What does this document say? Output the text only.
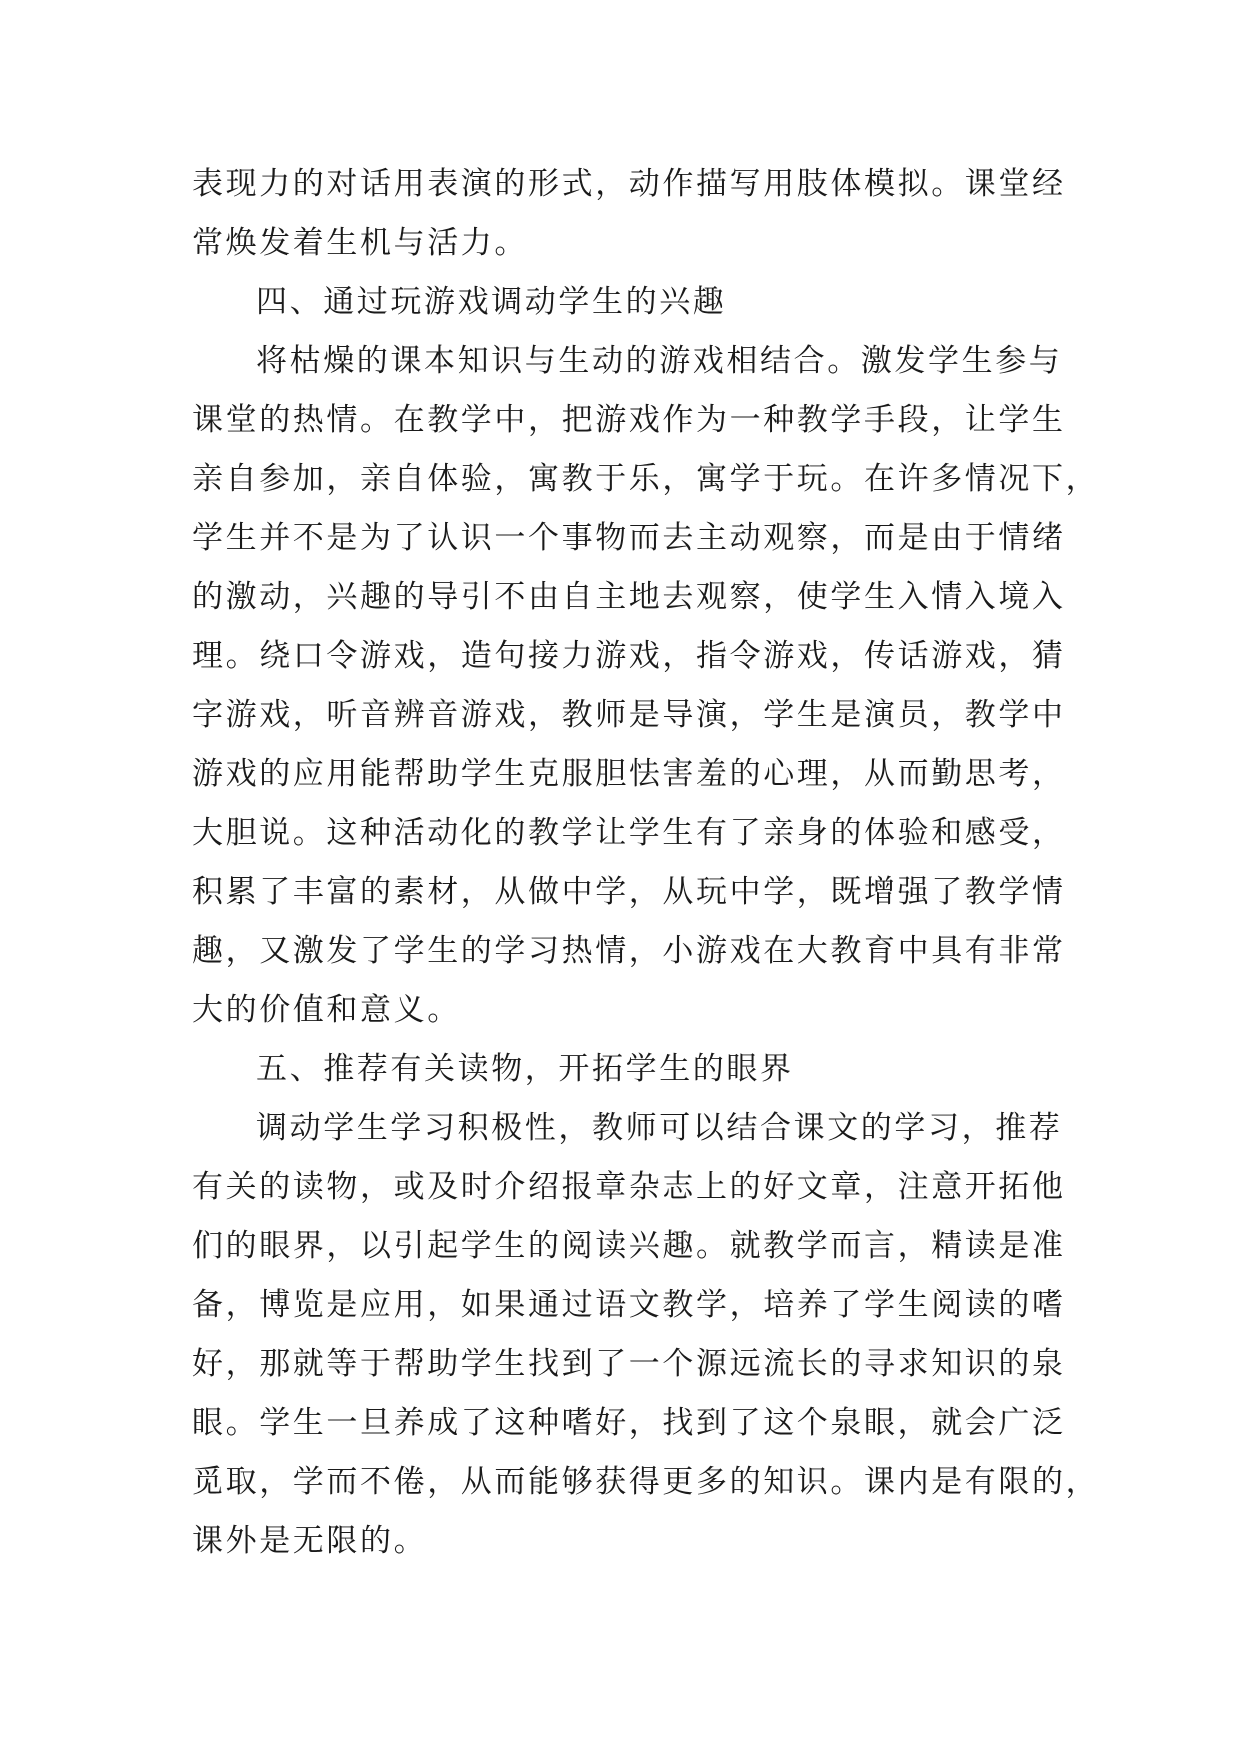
表现力的对话用表演的形式，动作描写用肢体模拟。课堂经
常焕发着生机与活力。
四、通过玩游戏调动学生的兴趣
将枯燥的课本知识与生动的游戏相结合。激发学生参与
课堂的热情。在教学中，把游戏作为一种教学手段，让学生
亲自参加，亲自体验，寓教于乐，寓学于玩。在许多情况下，
学生并不是为了认识一个事物而去主动观察，而是由于情绪
的激动，兴趣的导引不由自主地去观察，使学生入情入境入
理。绕口令游戏，造句接力游戏，指令游戏，传话游戏，猜
字游戏，听音辨音游戏，教师是导演，学生是演员，教学中
游戏的应用能帮助学生克服胆怯害羞的心理，从而勤思考，
大胆说。这种活动化的教学让学生有了亲身的体验和感受，
积累了丰富的素材，从做中学，从玩中学，既增强了教学情
趣，又激发了学生的学习热情，小游戏在大教育中具有非常
大的价值和意义。
五、推荐有关读物，开拓学生的眼界
调动学生学习积极性，教师可以结合课文的学习，推荐
有关的读物，或及时介绍报章杂志上的好文章，注意开拓他
们的眼界，以引起学生的阅读兴趣。就教学而言，精读是准
备，博览是应用，如果通过语文教学，培养了学生阅读的嗜
好，那就等于帮助学生找到了一个源远流长的寻求知识的泉
眼。学生一旦养成了这种嗜好，找到了这个泉眼，就会广泛
觅取，学而不倦，从而能够获得更多的知识。课内是有限的，
课外是无限的。
